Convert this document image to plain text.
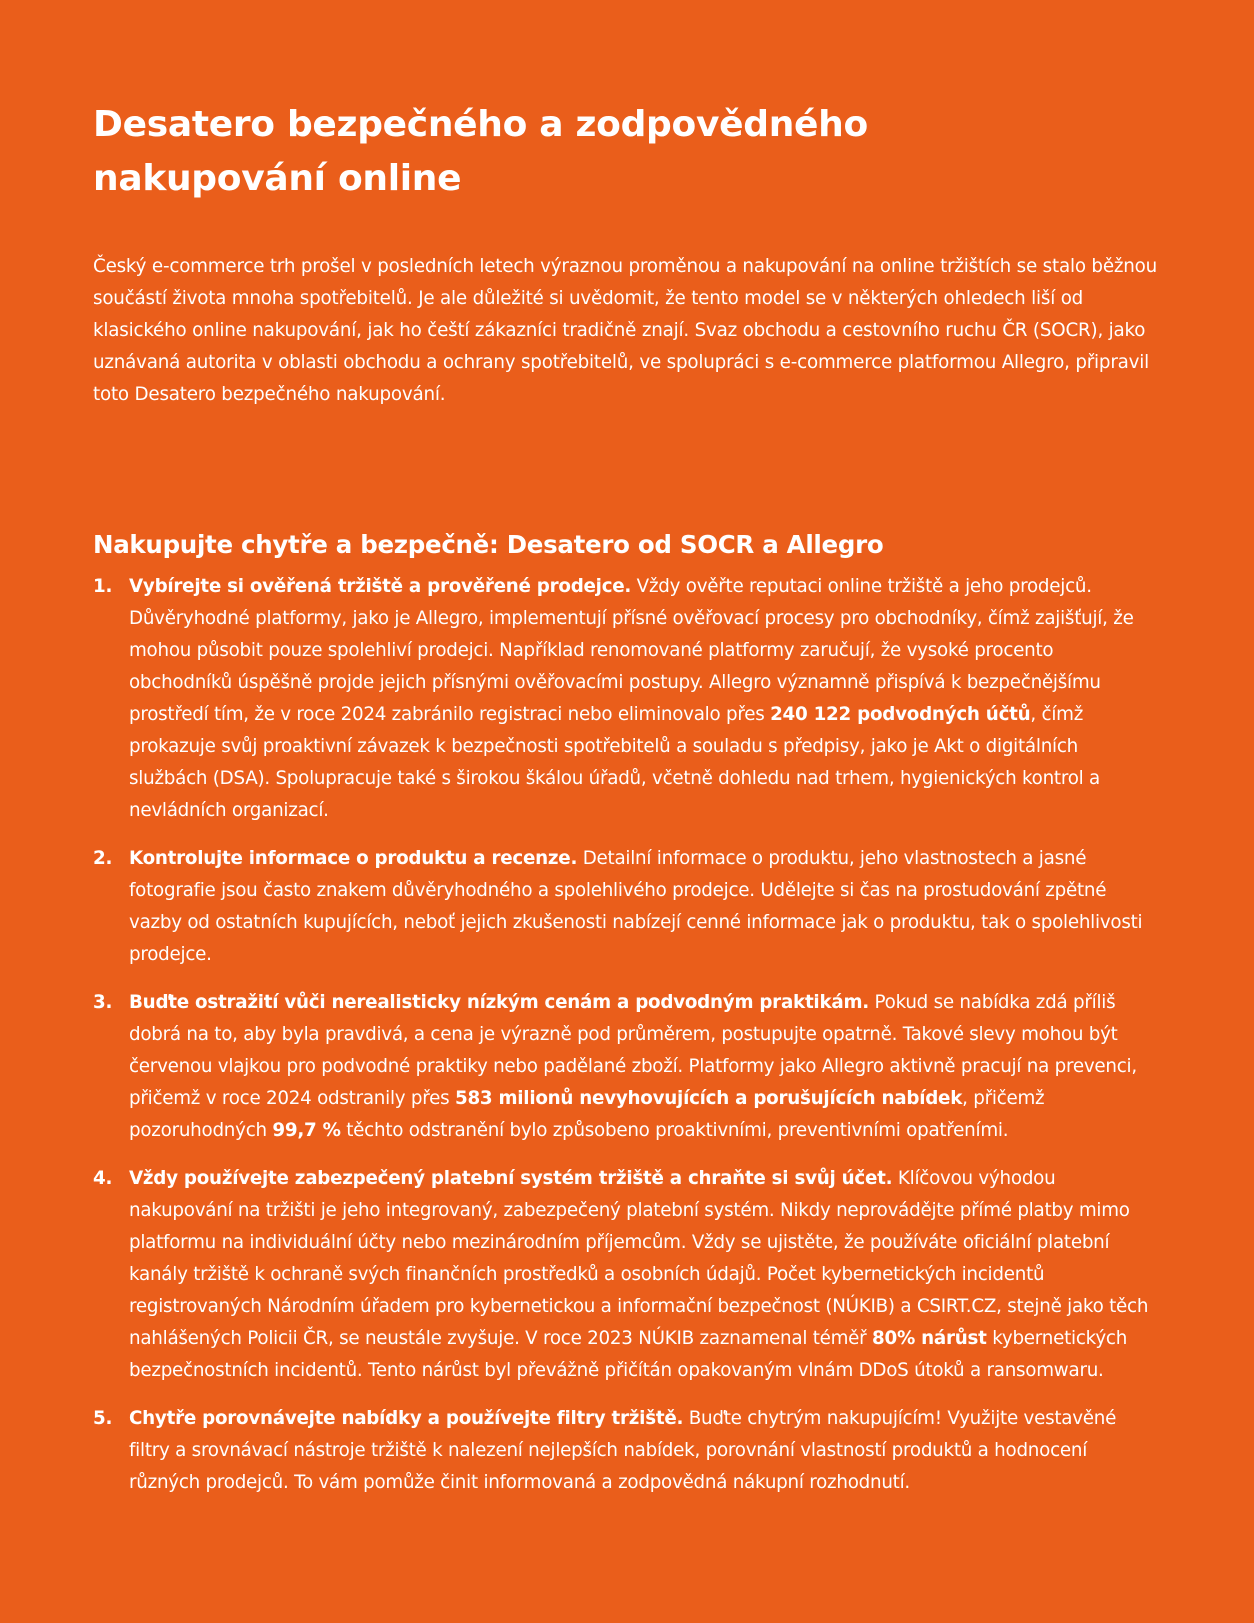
Desatero bezpečného a zodpovědného nakupování online

Český e-commerce trh prošel v posledních letech výraznou proměnou a nakupování na online tržištích se stalo běžnou součástí života mnoha spotřebitelů. Je ale důležité si uvědomit, že tento model se v některých ohledech liší od klasického online nakupování, jak ho čeští zákazníci tradičně znají. Svaz obchodu a cestovního ruchu ČR (SOCR), jako uznávaná autorita v oblasti obchodu a ochrany spotřebitelů, ve spolupráci s e-commerce platformou Allegro, připravil toto Desatero bezpečného nakupování.

Nakupujte chytře a bezpečně: Desatero od SOCR a Allegro
1. Vybírejte si ověřená tržiště a prověřené prodejce. Vždy ověřte reputaci online tržiště a jeho prodejců. Důvěryhodné platformy, jako je Allegro, implementují přísné ověřovací procesy pro obchodníky, čímž zajišťují, že mohou působit pouze spolehliví prodejci. Například renomované platformy zaručují, že vysoké procento obchodníků úspěšně projde jejich přísnými ověřovacími postupy. Allegro významně přispívá k bezpečnějšímu prostředí tím, že v roce 2024 zabránilo registraci nebo eliminovalo přes 240 122 podvodných účtů, čímž prokazuje svůj proaktivní závazek k bezpečnosti spotřebitelů a souladu s předpisy, jako je Akt o digitálních službách (DSA). Spolupracuje také s širokou škálou úřadů, včetně dohledu nad trhem, hygienických kontrol a nevládních organizací.
2. Kontrolujte informace o produktu a recenze. Detailní informace o produktu, jeho vlastnostech a jasné fotografie jsou často znakem důvěryhodného a spolehlivého prodejce. Udělejte si čas na prostudování zpětné vazby od ostatních kupujících, neboť jejich zkušenosti nabízejí cenné informace jak o produktu, tak o spolehlivosti prodejce.
3. Buďte ostražití vůči nerealisticky nízkým cenám a podvodným praktikám. Pokud se nabídka zdá příliš dobrá na to, aby byla pravdivá, a cena je výrazně pod průměrem, postupujte opatrně. Takové slevy mohou být červenou vlajkou pro podvodné praktiky nebo padělané zboží. Platformy jako Allegro aktivně pracují na prevenci, přičemž v roce 2024 odstranily přes 583 milionů nevyhovujících a porušujících nabídek, přičemž pozoruhodných 99,7 % těchto odstranění bylo způsobeno proaktivními, preventivními opatřeními.
4. Vždy používejte zabezpečený platební systém tržiště a chraňte si svůj účet. Klíčovou výhodou nakupování na tržišti je jeho integrovaný, zabezpečený platební systém. Nikdy neprovádějte přímé platby mimo platformu na individuální účty nebo mezinárodním příjemcům. Vždy se ujistěte, že používáte oficiální platební kanály tržiště k ochraně svých finančních prostředků a osobních údajů. Počet kybernetických incidentů registrovaných Národním úřadem pro kybernetickou a informační bezpečnost (NÚKIB) a CSIRT.CZ, stejně jako těch nahlášených Policii ČR, se neustále zvyšuje. V roce 2023 NÚKIB zaznamenal téměř 80% nárůst kybernetických bezpečnostních incidentů. Tento nárůst byl převážně přičítán opakovaným vlnám DDoS útoků a ransomwaru.
5. Chytře porovnávejte nabídky a používejte filtry tržiště. Buďte chytrým nakupujícím! Využijte vestavěné filtry a srovnávací nástroje tržiště k nalezení nejlepších nabídek, porovnání vlastností produktů a hodnocení různých prodejců. To vám pomůže činit informovaná a zodpovědná nákupní rozhodnutí.
